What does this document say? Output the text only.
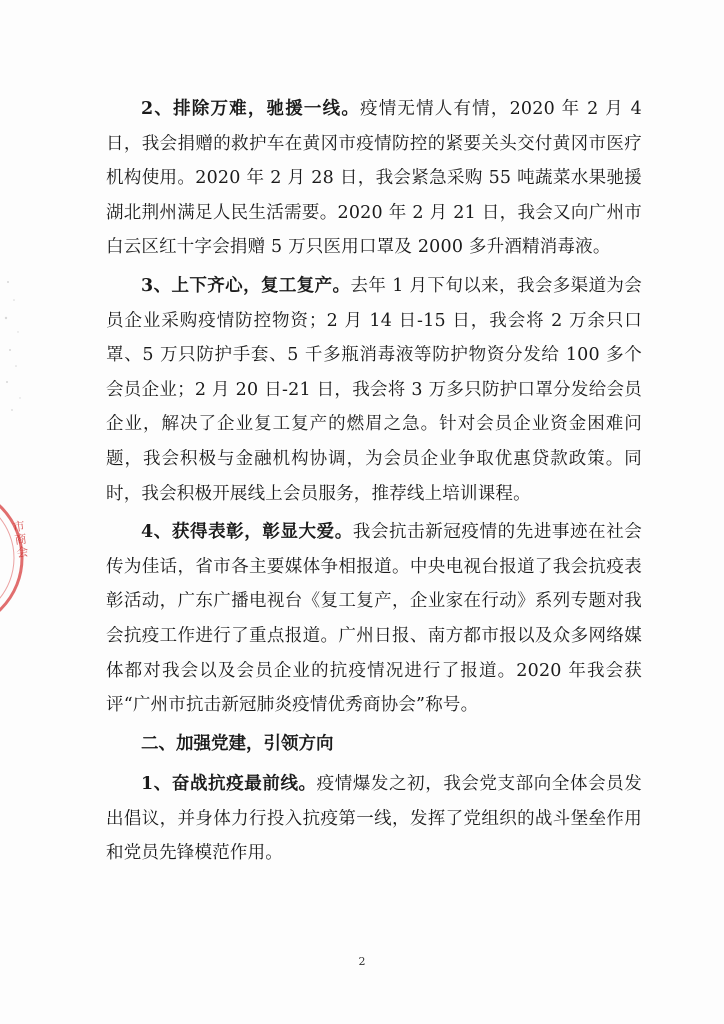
市商会

2、排除万难，驰援一线。疫情无情人有情，2020 年 2 月 4 日，我会捐赠的救护车在黄冈市疫情防控的紧要关头交付黄冈市医疗机构使用。2020 年 2 月 28 日，我会紧急采购 55 吨蔬菜水果驰援湖北荆州满足人民生活需要。2020 年 2 月 21 日，我会又向广州市白云区红十字会捐赠 5 万只医用口罩及 2000 多升酒精消毒液。

3、上下齐心，复工复产。去年 1 月下旬以来，我会多渠道为会员企业采购疫情防控物资；2 月 14 日-15 日，我会将 2 万余只口罩、5 万只防护手套、5 千多瓶消毒液等防护物资分发给 100 多个会员企业；2 月 20 日-21 日，我会将 3 万多只防护口罩分发给会员企业，解决了企业复工复产的燃眉之急。针对会员企业资金困难问题，我会积极与金融机构协调，为会员企业争取优惠贷款政策。同时，我会积极开展线上会员服务，推荐线上培训课程。

4、获得表彰，彰显大爱。我会抗击新冠疫情的先进事迹在社会传为佳话，省市各主要媒体争相报道。中央电视台报道了我会抗疫表彰活动，广东广播电视台《复工复产，企业家在行动》系列专题对我会抗疫工作进行了重点报道。广州日报、南方都市报以及众多网络媒体都对我会以及会员企业的抗疫情况进行了报道。2020 年我会获评“广州市抗击新冠肺炎疫情优秀商协会”称号。

二、加强党建，引领方向

1、奋战抗疫最前线。疫情爆发之初，我会党支部向全体会员发出倡议，并身体力行投入抗疫第一线，发挥了党组织的战斗堡垒作用和党员先锋模范作用。

2
